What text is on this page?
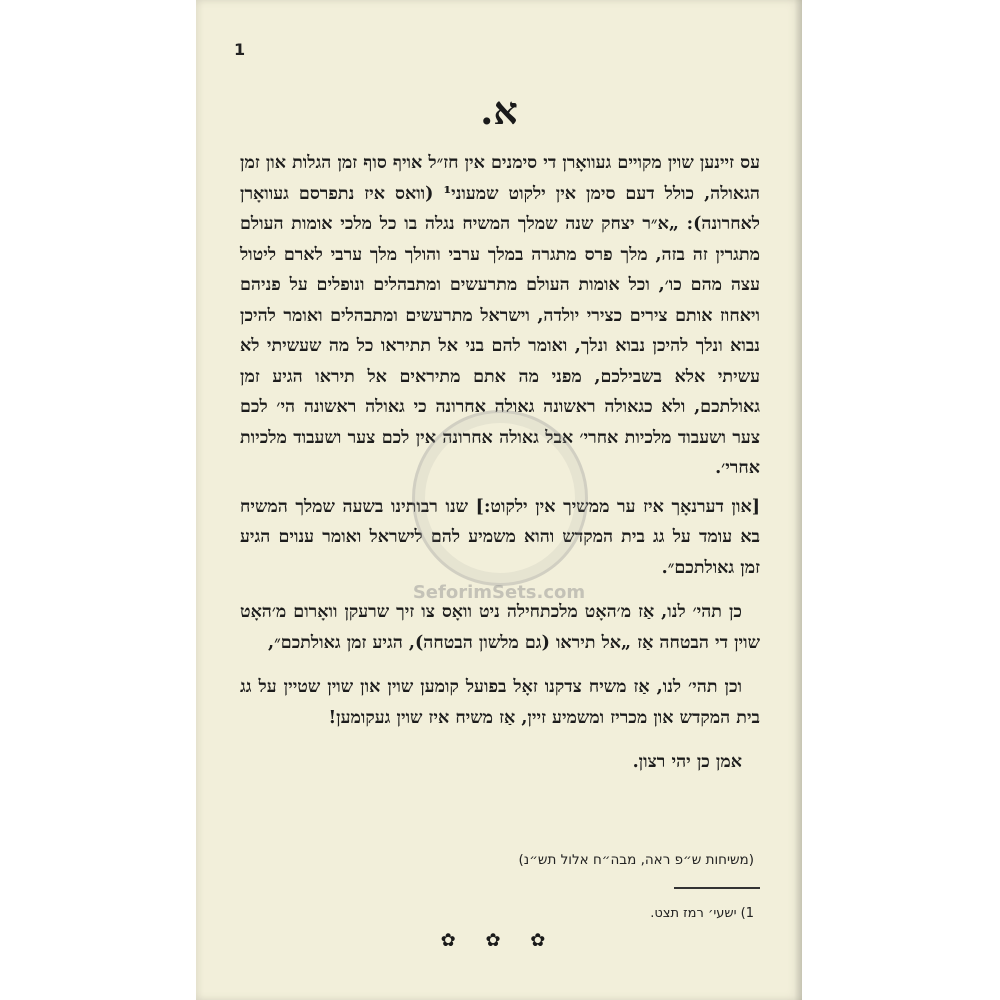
1
א.

עס זיינען שוין מקויים געוואָרן די סימנים אין חז״ל אויף סוף זמן הגלות און זמן הגאולה, כולל דעם סימן אין ילקוט שמעוני¹ (וואס איז נתפרסם געוואָרן לאחרונה): „א״ר יצחק שנה שמלך המשיח נגלה בו כל מלכי אומות העולם מתגרין זה בזה, מלך פרס מתגרה במלך ערבי והולך מלך ערבי לארם ליטול עצה מהם כו׳, וכל אומות העולם מתרעשים ומתבהלים ונופלים על פניהם ויאחוז אותם צירים כצירי יולדה, וישראל מתרעשים ומתבהלים ואומר להיכן נבוא ונלך להיכן נבוא ונלך, ואומר להם בני אל תתיראו כל מה שעשיתי לא עשיתי אלא בשבילכם, מפני מה אתם מתיראים אל תיראו הגיע זמן גאולתכם, ולא כגאולה ראשונה גאולה אחרונה כי גאולה ראשונה הי׳ לכם צער ושעבוד מלכיות אחרי׳ אבל גאולה אחרונה אין לכם צער ושעבוד מלכיות אחרי׳.

[און דערנאָך איז ער ממשיך אין ילקוט:] שנו רבותינו בשעה שמלך המשיח בא עומד על גג בית המקדש והוא משמיע להם לישראל ואומר ענוים הגיע זמן גאולתכם״.

כן תהי׳ לנו, אַז מ׳האָט מלכתחילה ניט וואָס צו זיך שרעקן וואָרום מ׳האָט שוין די הבטחה אַז „אל תיראו (גם מלשון הבטחה), הגיע זמן גאולתכם״,

וכן תהי׳ לנו, אַז משיח צדקנו זאָל בפועל קומען שוין און שוין שטיין על גג בית המקדש און מכריז ומשמיע זיין, אַז משיח איז שוין געקומען!

אמן כן יהי רצון.

SeforimSets.com
(משיחות ש״פ ראה, מבה״ח אלול תש״נ)
1) ישעי׳ רמז תצט.
✿ ✿ ✿
